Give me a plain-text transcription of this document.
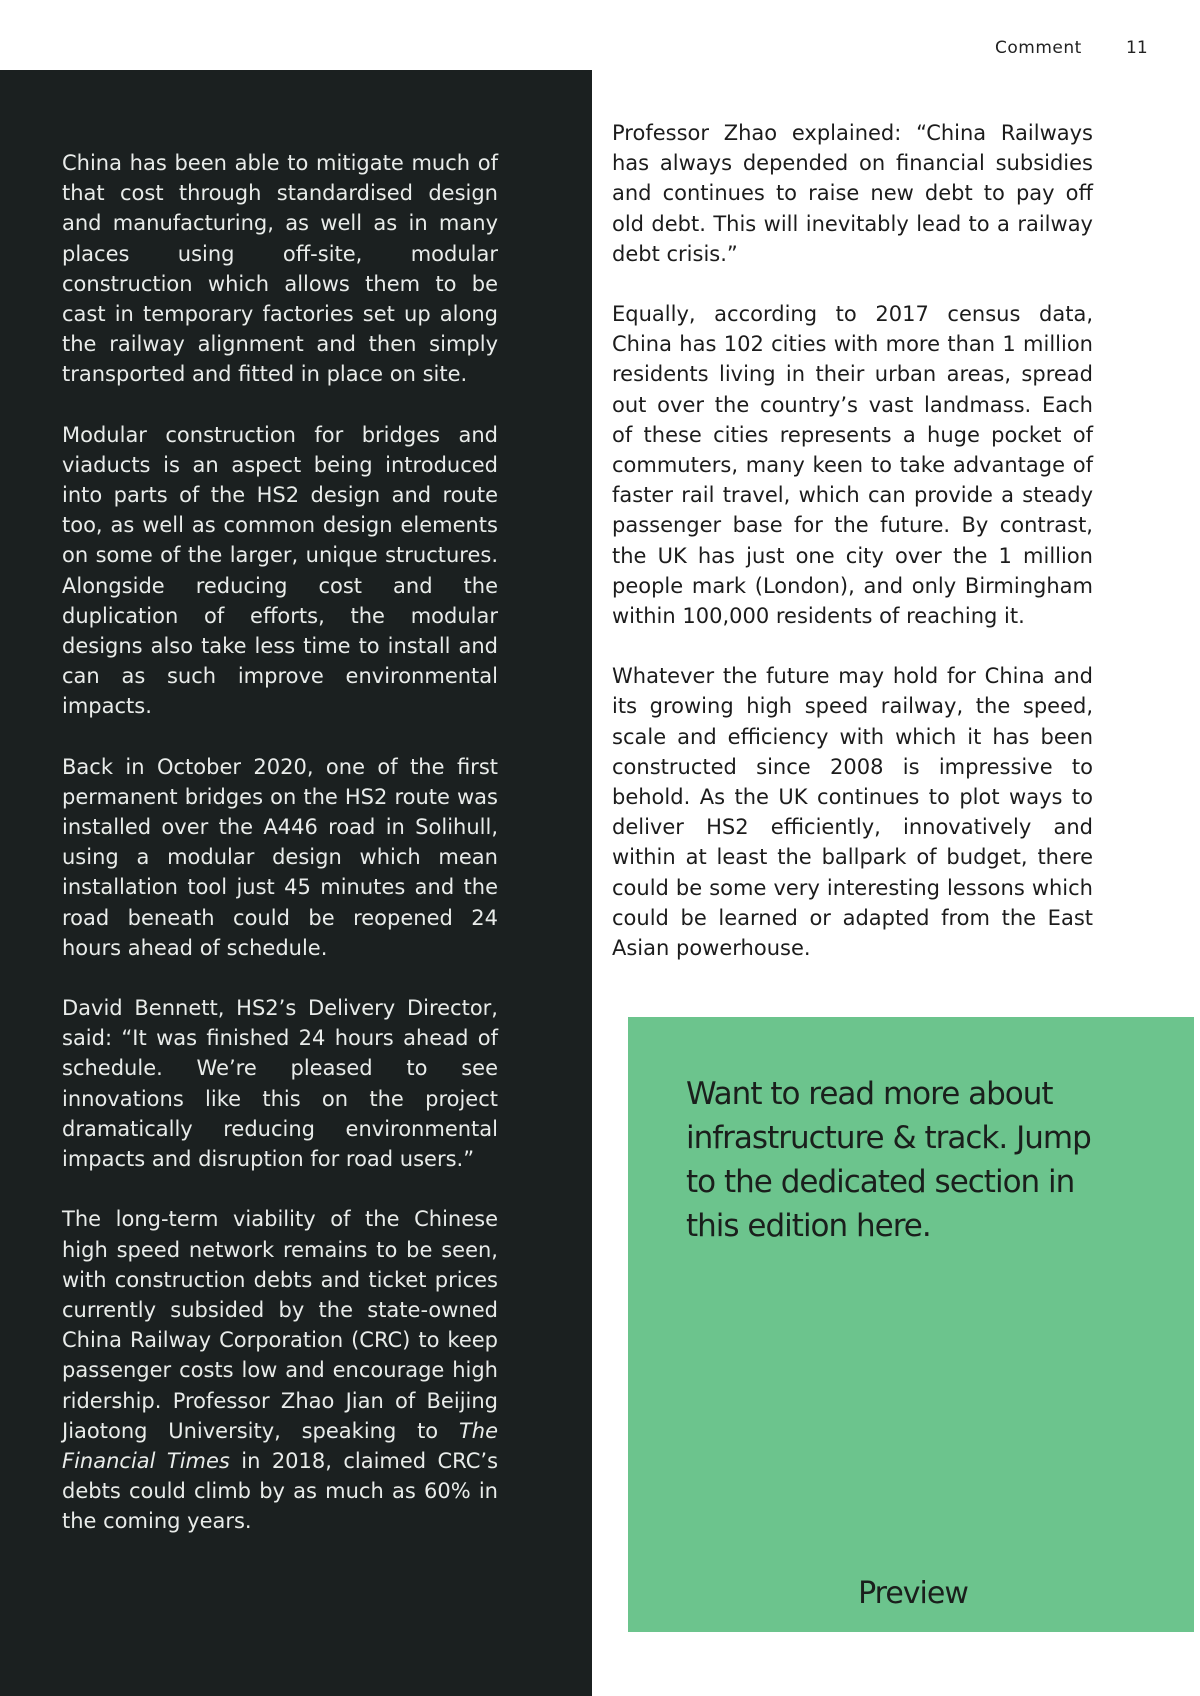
Comment	11

China has been able to mitigate much of that cost through standardised design and manufacturing, as well as in many places using off-site, modular construction which allows them to be cast in temporary factories set up along the railway alignment and then simply transported and fitted in place on site.

Modular construction for bridges and viaducts is an aspect being introduced into parts of the HS2 design and route too, as well as common design elements on some of the larger, unique structures. Alongside reducing cost and the duplication of efforts, the modular designs also take less time to install and can as such improve environmental impacts.

Back in October 2020, one of the first permanent bridges on the HS2 route was installed over the A446 road in Solihull, using a modular design which mean installation tool just 45 minutes and the road beneath could be reopened 24 hours ahead of schedule.

David Bennett, HS2’s Delivery Director, said: “It was finished 24 hours ahead of schedule. We’re pleased to see innovations like this on the project dramatically reducing environmental impacts and disruption for road users.”

The long-term viability of the Chinese high speed network remains to be seen, with construction debts and ticket prices currently subsided by the state-owned China Railway Corporation (CRC) to keep passenger costs low and encourage high ridership. Professor Zhao Jian of Beijing Jiaotong University, speaking to The Financial Times in 2018, claimed CRC’s debts could climb by as much as 60% in the coming years.

Professor Zhao explained: “China Railways has always depended on financial subsidies and continues to raise new debt to pay off old debt. This will inevitably lead to a railway debt crisis.”

Equally, according to 2017 census data, China has 102 cities with more than 1 million residents living in their urban areas, spread out over the country’s vast landmass. Each of these cities represents a huge pocket of commuters, many keen to take advantage of faster rail travel, which can provide a steady passenger base for the future. By contrast, the UK has just one city over the 1 million people mark (London), and only Birmingham within 100,000 residents of reaching it.

Whatever the future may hold for China and its growing high speed railway, the speed, scale and efficiency with which it has been constructed since 2008 is impressive to behold. As the UK continues to plot ways to deliver HS2 efficiently, innovatively and within at least the ballpark of budget, there could be some very interesting lessons which could be learned or adapted from the East Asian powerhouse.

Want to read more about infrastructure & track. Jump to the dedicated section in this edition here.
Preview
